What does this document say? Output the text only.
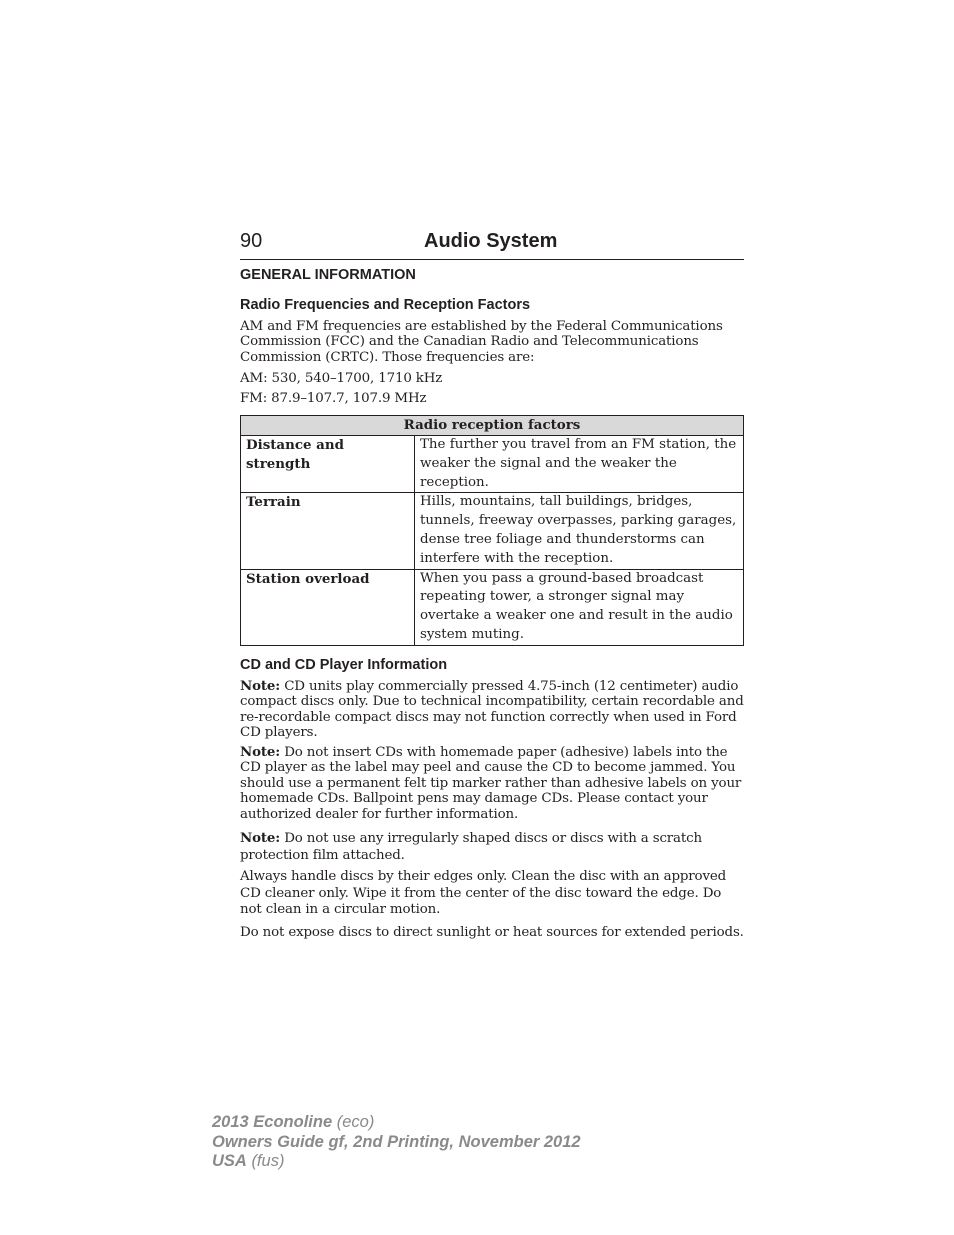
90	Audio System
GENERAL INFORMATION
Radio Frequencies and Reception Factors
AM and FM frequencies are established by the Federal Communications Commission (FCC) and the Canadian Radio and Telecommunications Commission (CRTC). Those frequencies are:
AM: 530, 540–1700, 1710 kHz
FM: 87.9–107.7, 107.9 MHz
Radio reception factors	
Distance and strength	The further you travel from an FM station, the weaker the signal and the weaker the reception.
Terrain	Hills, mountains, tall buildings, bridges, tunnels, freeway overpasses, parking garages, dense tree foliage and thunderstorms can interfere with the reception.
Station overload	When you pass a ground-based broadcast repeating tower, a stronger signal may overtake a weaker one and result in the audio system muting.
CD and CD Player Information
Note: CD units play commercially pressed 4.75-inch (12 centimeter) audio compact discs only. Due to technical incompatibility, certain recordable and re-recordable compact discs may not function correctly when used in Ford CD players.
Note: Do not insert CDs with homemade paper (adhesive) labels into the CD player as the label may peel and cause the CD to become jammed. You should use a permanent felt tip marker rather than adhesive labels on your homemade CDs. Ballpoint pens may damage CDs. Please contact your authorized dealer for further information.
Note: Do not use any irregularly shaped discs or discs with a scratch protection film attached.
Always handle discs by their edges only. Clean the disc with an approved CD cleaner only. Wipe it from the center of the disc toward the edge. Do not clean in a circular motion.
Do not expose discs to direct sunlight or heat sources for extended periods.
2013 Econoline (eco)
Owners Guide gf, 2nd Printing, November 2012
USA (fus)
